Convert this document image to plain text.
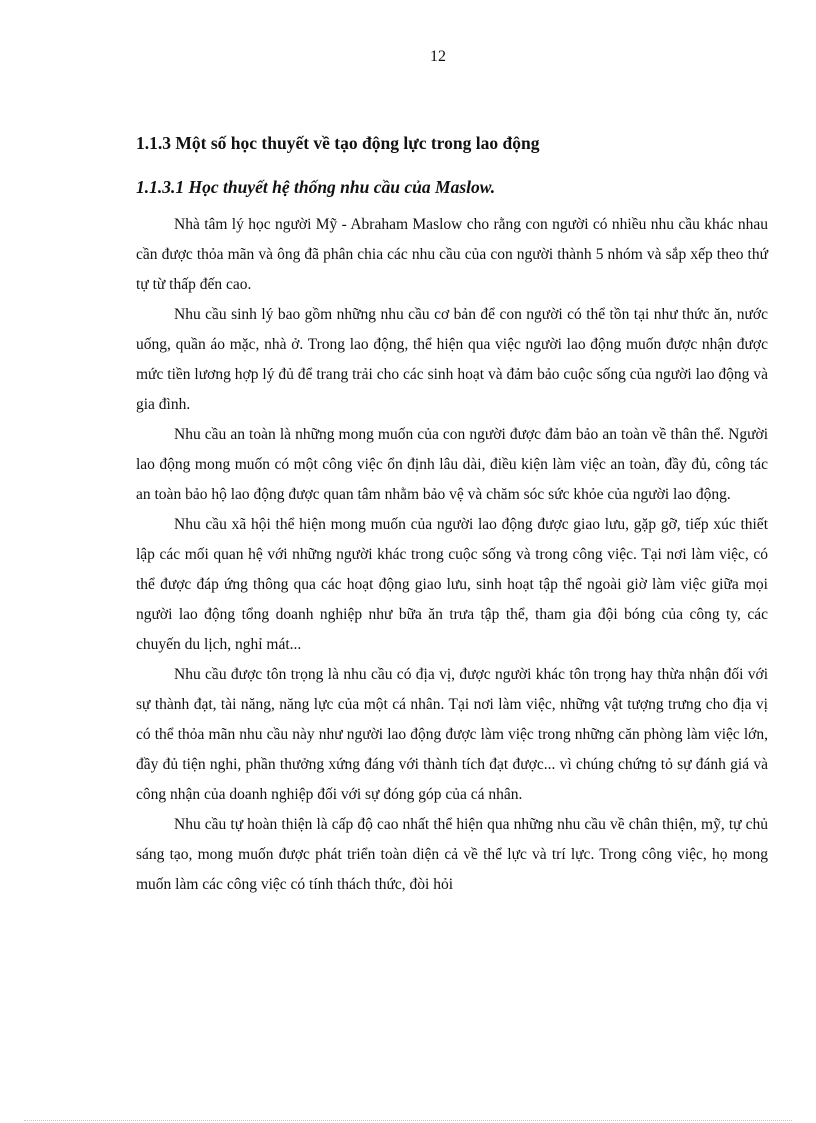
12
1.1.3 Một số học thuyết về tạo động lực trong lao động
1.1.3.1 Học thuyết hệ thống nhu cầu của Maslow.

Nhà tâm lý học người Mỹ - Abraham Maslow cho rằng con người có nhiều nhu cầu khác nhau cần được thỏa mãn và ông đã phân chia các nhu cầu của con người thành 5 nhóm và sắp xếp theo thứ tự từ thấp đến cao.

Nhu cầu sinh lý bao gồm những nhu cầu cơ bản để con người có thể tồn tại như thức ăn, nước uống, quần áo mặc, nhà ở. Trong lao động, thể hiện qua việc người lao động muốn được nhận được mức tiền lương hợp lý đủ để trang trải cho các sinh hoạt và đảm bảo cuộc sống của người lao động và gia đình.

Nhu cầu an toàn là những mong muốn của con người được đảm bảo an toàn về thân thể. Người lao động mong muốn có một công việc ổn định lâu dài, điều kiện làm việc an toàn, đầy đủ, công tác an toàn bảo hộ lao động được quan tâm nhằm bảo vệ và chăm sóc sức khỏe của người lao động.

Nhu cầu xã hội thể hiện mong muốn của người lao động được giao lưu, gặp gỡ, tiếp xúc thiết lập các mối quan hệ với những người khác trong cuộc sống và trong công việc. Tại nơi làm việc, có thể được đáp ứng thông qua các hoạt động giao lưu, sinh hoạt tập thể ngoài giờ làm việc giữa mọi người lao động tổng doanh nghiệp như bữa ăn trưa tập thể, tham gia đội bóng của công ty, các chuyến du lịch, nghỉ mát...

Nhu cầu được tôn trọng là nhu cầu có địa vị, được người khác tôn trọng hay thừa nhận đối với sự thành đạt, tài năng, năng lực của một cá nhân. Tại nơi làm việc, những vật tượng trưng cho địa vị có thể thỏa mãn nhu cầu này như người lao động được làm việc trong những căn phòng làm việc lớn, đầy đủ tiện nghi, phần thưởng xứng đáng với thành tích đạt được... vì chúng chứng tỏ sự đánh giá và công nhận của doanh nghiệp đối với sự đóng góp của cá nhân.

Nhu cầu tự hoàn thiện là cấp độ cao nhất thể hiện qua những nhu cầu về chân thiện, mỹ, tự chủ sáng tạo, mong muốn được phát triển toàn diện cả về thể lực và trí lực. Trong công việc, họ mong muốn làm các công việc có tính thách thức, đòi hỏi
